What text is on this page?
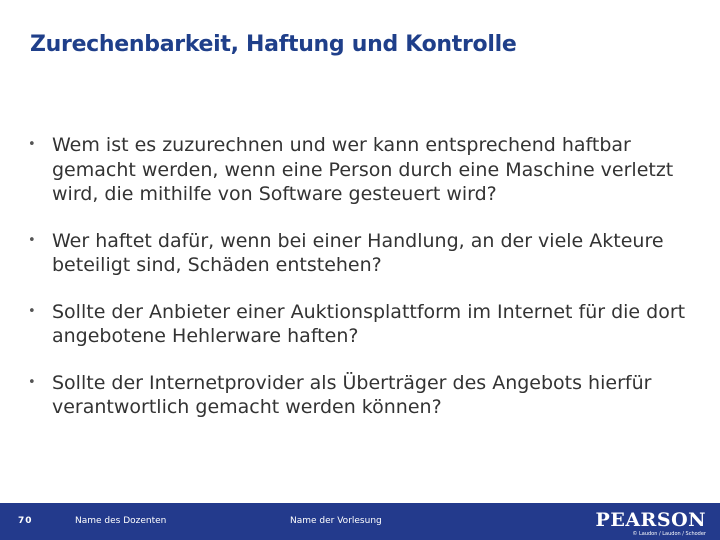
Zurechenbarkeit, Haftung und Kontrolle
• Wem ist es zuzurechnen und wer kann entsprechend haftbar gemacht werden, wenn eine Person durch eine Maschine verletzt wird, die mithilfe von Software gesteuert wird?
• Wer haftet dafür, wenn bei einer Handlung, an der viele Akteure beteiligt sind, Schäden entstehen?
• Sollte der Anbieter einer Auktionsplattform im Internet für die dort angebotene Hehlerware haften?
• Sollte der Internetprovider als Überträger des Angebots hierfür verantwortlich gemacht werden können?
70	Name des Dozenten	Name der Vorlesung	PEARSON
© Laudon / Laudon / Schoder
